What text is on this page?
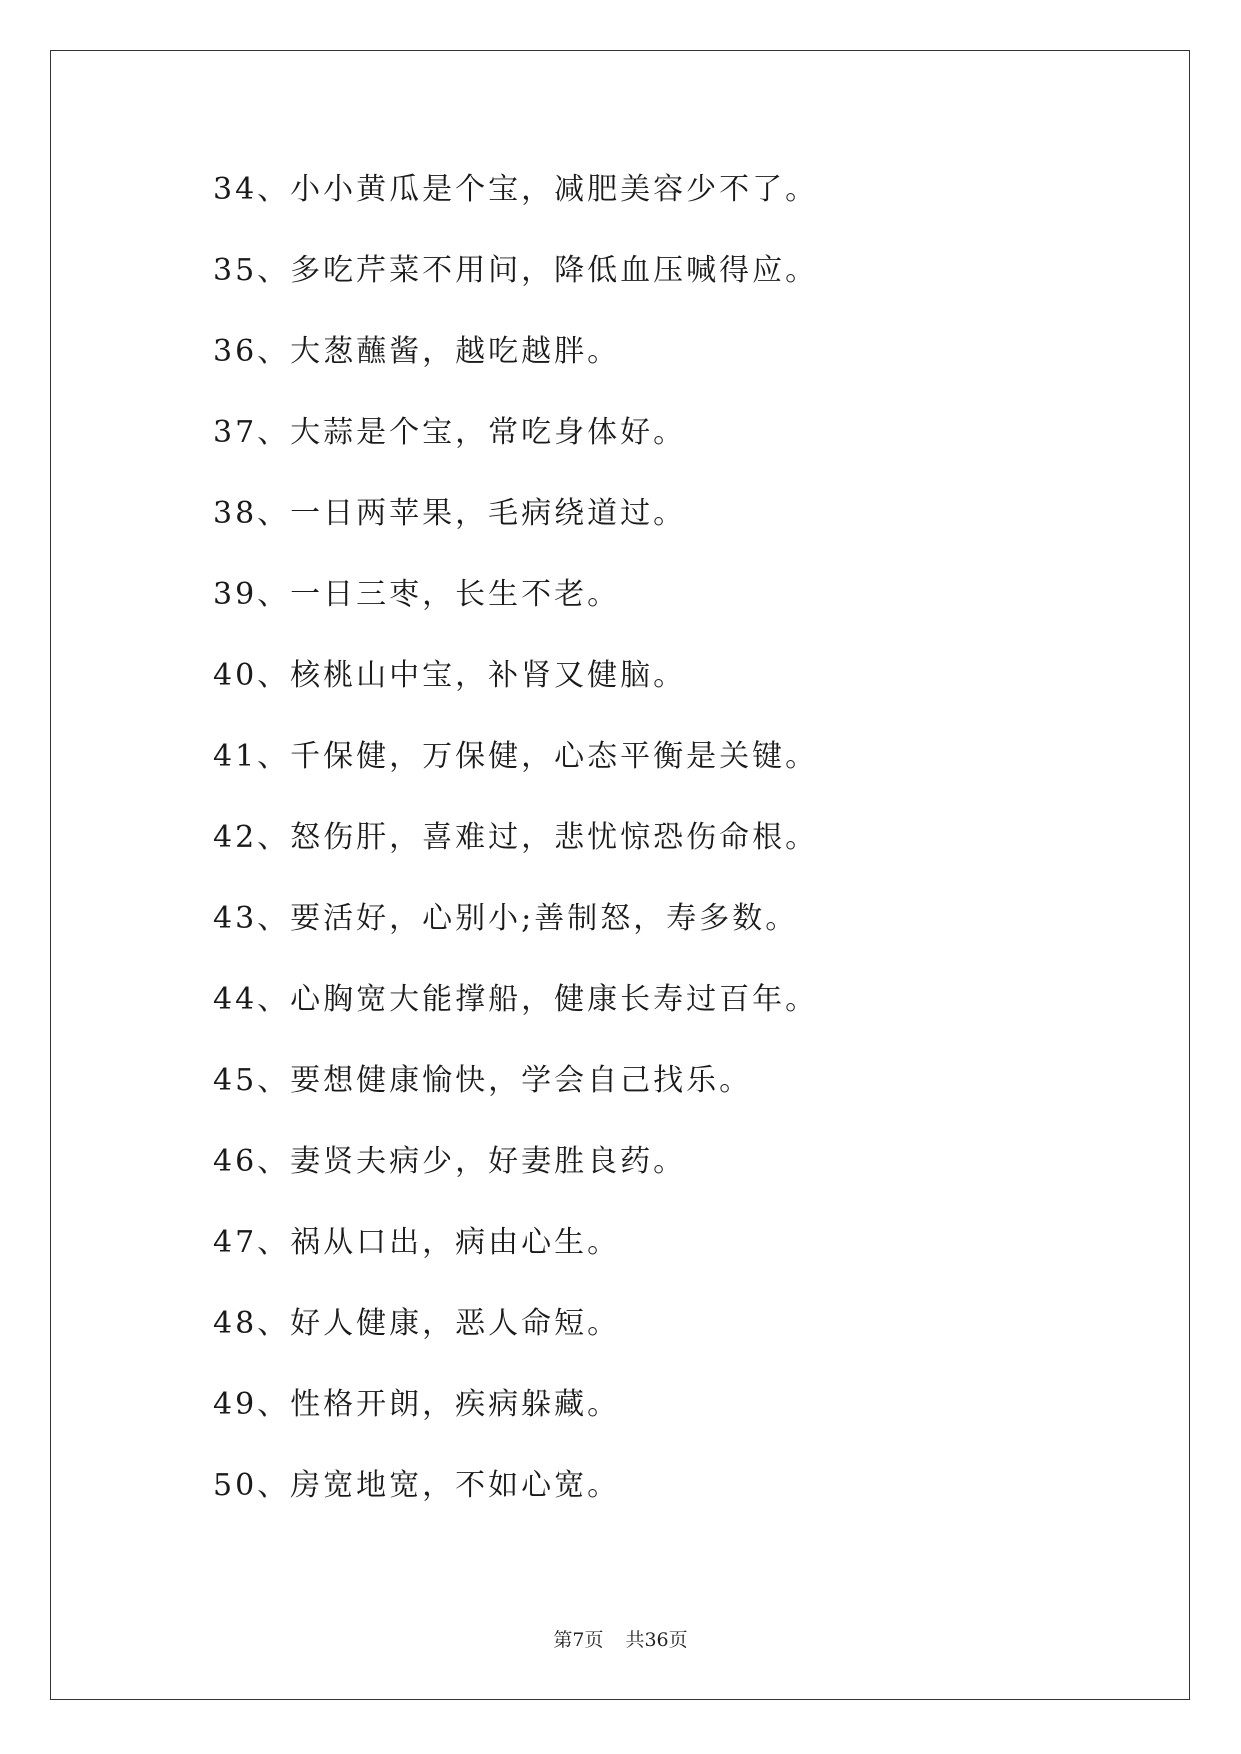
34、小小黄瓜是个宝，减肥美容少不了。
35、多吃芹菜不用问，降低血压喊得应。
36、大葱蘸酱，越吃越胖。
37、大蒜是个宝，常吃身体好。
38、一日两苹果，毛病绕道过。
39、一日三枣，长生不老。
40、核桃山中宝，补肾又健脑。
41、千保健，万保健，心态平衡是关键。
42、怒伤肝，喜难过，悲忧惊恐伤命根。
43、要活好，心别小;善制怒，寿多数。
44、心胸宽大能撑船，健康长寿过百年。
45、要想健康愉快，学会自己找乐。
46、妻贤夫病少，好妻胜良药。
47、祸从口出，病由心生。
48、好人健康，恶人命短。
49、性格开朗，疾病躲藏。
50、房宽地宽，不如心宽。
第7页 共36页
